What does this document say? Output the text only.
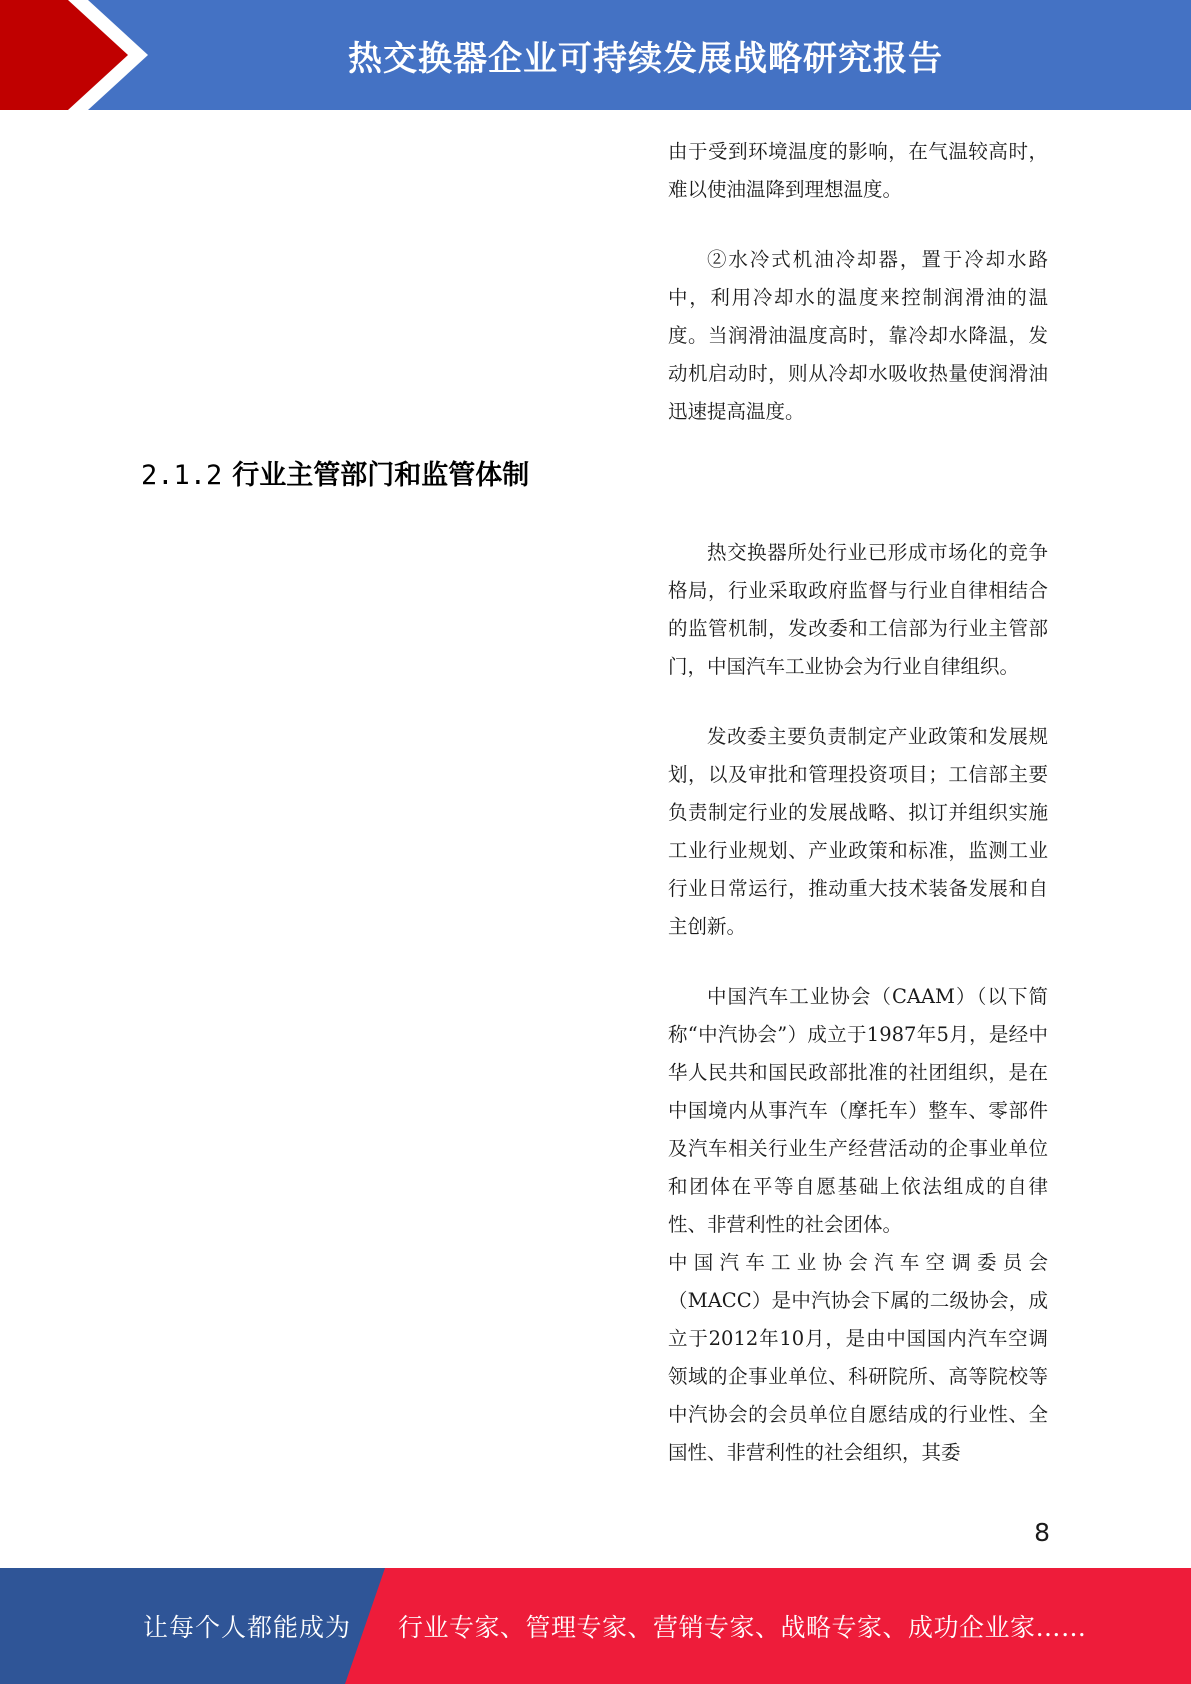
热交换器企业可持续发展战略研究报告

由于受到环境温度的影响，在气温较高时，难以使油温降到理想温度。

②水冷式机油冷却器，置于冷却水路中，利用冷却水的温度来控制润滑油的温度。当润滑油温度高时，靠冷却水降温，发动机启动时，则从冷却水吸收热量使润滑油迅速提高温度。

2.1.2 行业主管部门和监管体制

热交换器所处行业已形成市场化的竞争格局，行业采取政府监督与行业自律相结合的监管机制，发改委和工信部为行业主管部门，中国汽车工业协会为行业自律组织。

发改委主要负责制定产业政策和发展规划，以及审批和管理投资项目；工信部主要负责制定行业的发展战略、拟订并组织实施工业行业规划、产业政策和标准，监测工业行业日常运行，推动重大技术装备发展和自主创新。

中国汽车工业协会（CAAM）（以下简称“中汽协会”）成立于1987年5月，是经中华人民共和国民政部批准的社团组织，是在中国境内从事汽车（摩托车）整车、零部件及汽车相关行业生产经营活动的企事业单位和团体在平等自愿基础上依法组成的自律性、非营利性的社会团体。

中国汽车工业协会汽车空调委员会（MACC）是中汽协会下属的二级协会，成立于2012年10月，是由中国国内汽车空调领域的企事业单位、科研院所、高等院校等中汽协会的会员单位自愿结成的行业性、全国性、非营利性的社会组织，其委

8
让每个人都能成为 行业专家、管理专家、营销专家、战略专家、成功企业家……
